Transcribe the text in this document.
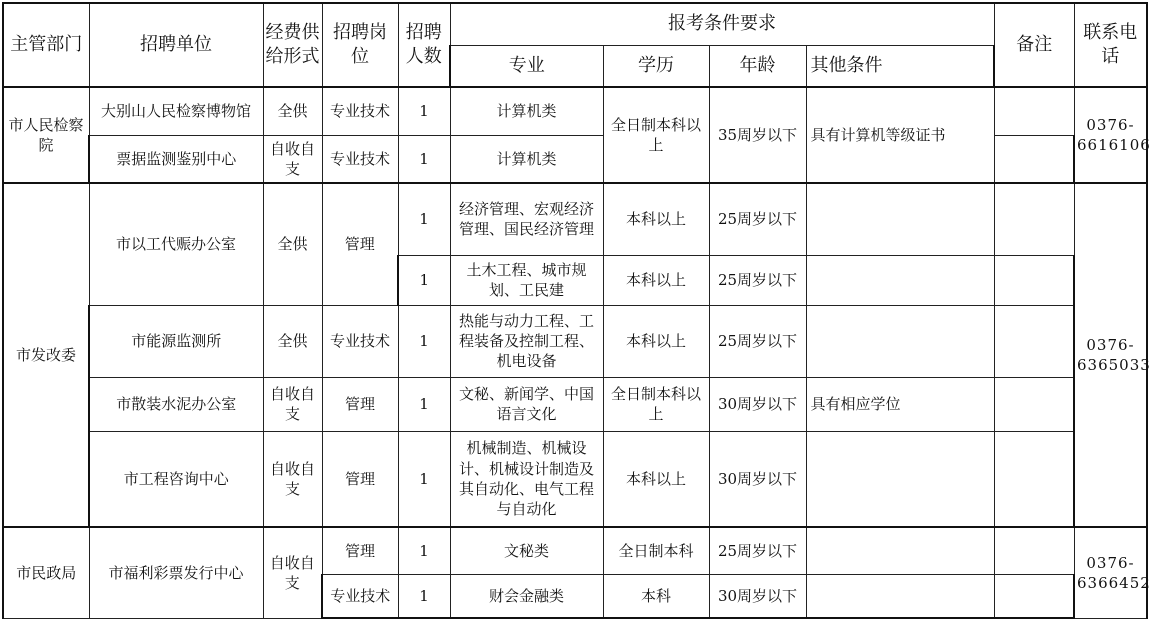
主管部门	招聘单位	经费供给形式	招聘岗位	招聘人数	报考条件要求				备注	联系电话
					专业	学历	年龄	其他条件		
市人民检察院	大别山人民检察博物馆	全供	专业技术	1	计算机类	全日制本科以上	35周岁以下	具有计算机等级证书		0376-6616106
	票据监测鉴别中心	自收自支	专业技术	1	计算机类					
市发改委	市以工代赈办公室	全供	管理	1	经济管理、宏观经济管理、国民经济管理	本科以上	25周岁以下			0376-6365033
				1	土木工程、城市规划、工民建	本科以上	25周岁以下			
	市能源监测所	全供	专业技术	1	热能与动力工程、工程装备及控制工程、机电设备	本科以上	25周岁以下			
	市散装水泥办公室	自收自支	管理	1	文秘、新闻学、中国语言文化	全日制本科以上	30周岁以下	具有相应学位		
	市工程咨询中心	自收自支	管理	1	机械制造、机械设计、机械设计制造及其自动化、电气工程与自动化	本科以上	30周岁以下			
市民政局	市福利彩票发行中心	自收自支	管理	1	文秘类	全日制本科	25周岁以下			0376-6366452
			专业技术	1	财会金融类	本科	30周岁以下			
